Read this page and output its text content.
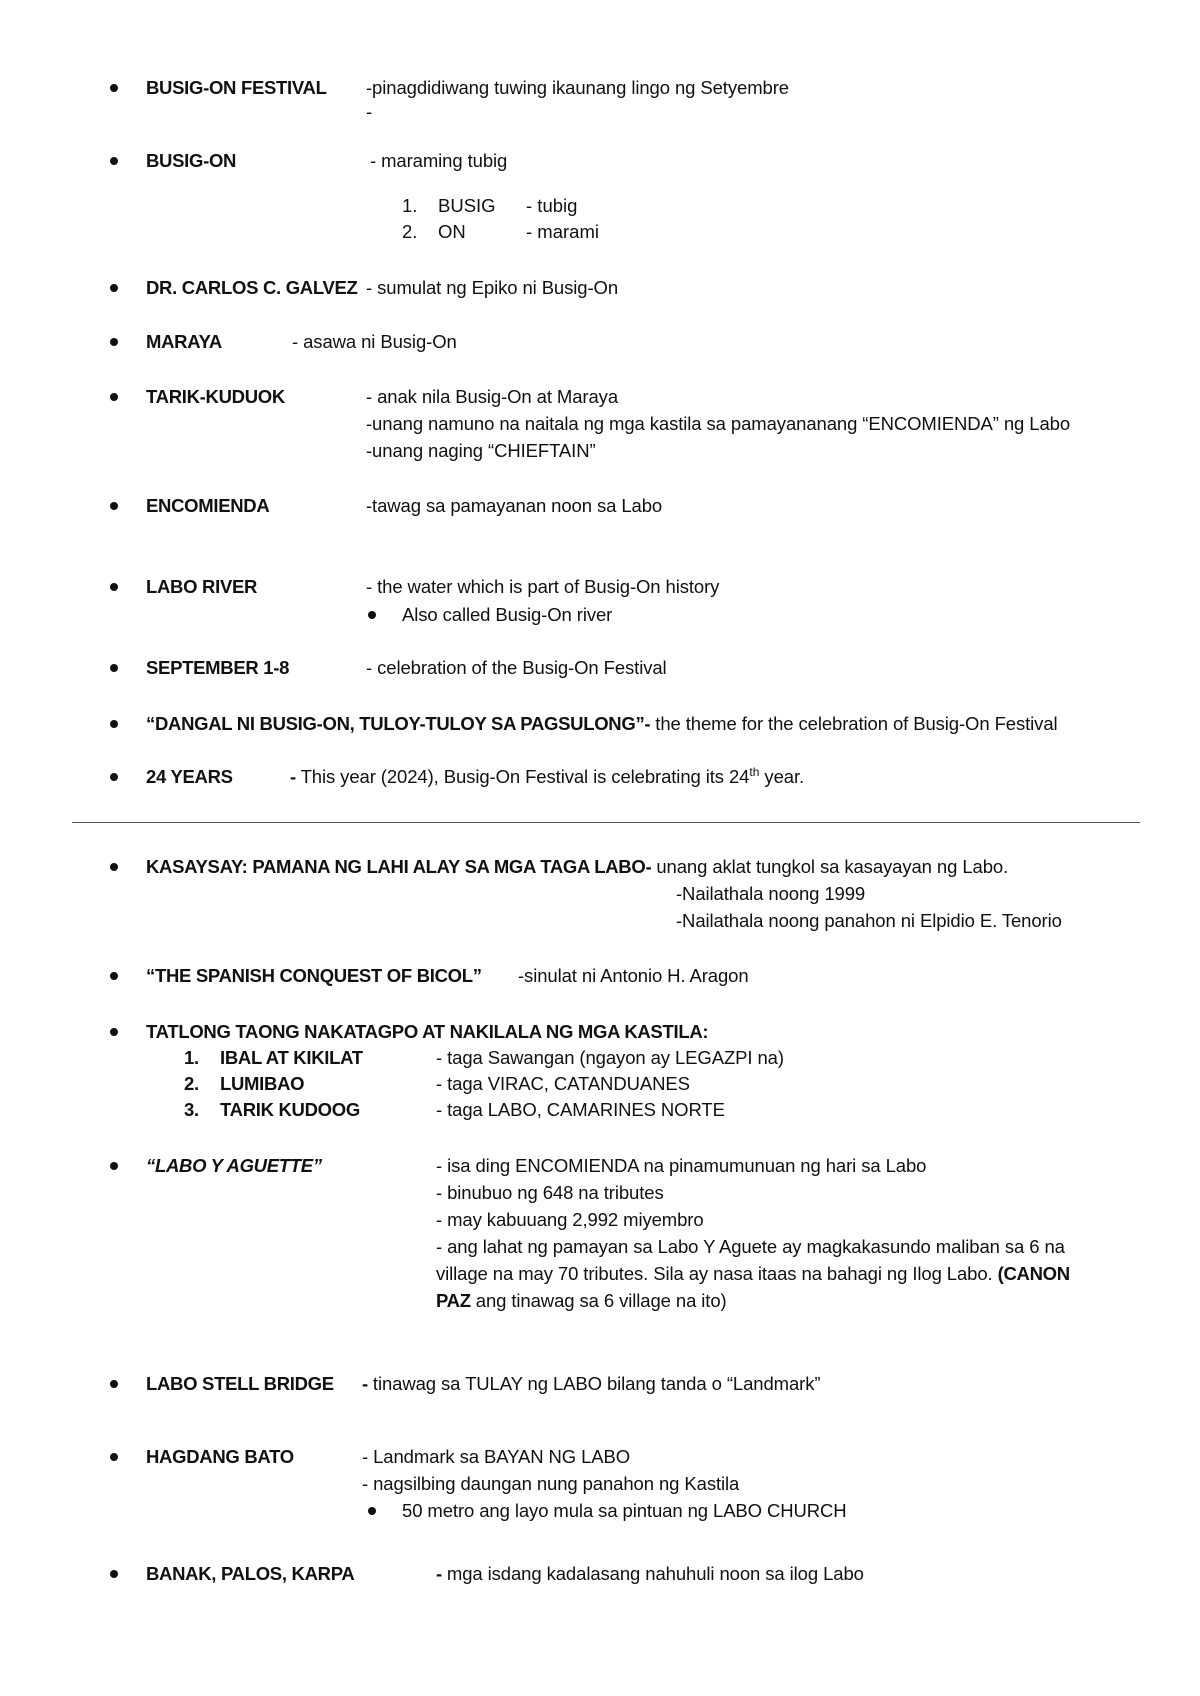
BUSIG-ON FESTIVAL -pinagdidiwang tuwing ikaunang lingo ng Setyembre
-
BUSIG-ON	- maraming tubig
1. BUSIG - tubig
2. ON	- marami
DR. CARLOS C. GALVEZ - sumulat ng Epiko ni Busig-On
MARAYA	- asawa ni Busig-On
TARIK-KUDUOK	- anak nila Busig-On at Maraya
-unang namuno na naitala ng mga kastila sa pamayananang “ENCOMIENDA” ng Labo
-unang naging “CHIEFTAIN”
ENCOMIENDA	-tawag sa pamayanan noon sa Labo
LABO RIVER	- the water which is part of Busig-On history
Also called Busig-On river
SEPTEMBER 1-8	- celebration of the Busig-On Festival
“DANGAL NI BUSIG-ON, TULOY-TULOY SA PAGSULONG”- the theme for the celebration of Busig-On Festival
24 YEARS	- This year (2024), Busig-On Festival is celebrating its 24th year.
KASAYSAY: PAMANA NG LAHI ALAY SA MGA TAGA LABO- unang aklat tungkol sa kasayayan ng Labo.
-Nailathala noong 1999
-Nailathala noong panahon ni Elpidio E. Tenorio
“THE SPANISH CONQUEST OF BICOL” -sinulat ni Antonio H. Aragon
TATLONG TAONG NAKATAGPO AT NAKILALA NG MGA KASTILA:
1. IBAL AT KIKILAT	- taga Sawangan (ngayon ay LEGAZPI na)
2. LUMIBAO	- taga VIRAC, CATANDUANES
3. TARIK KUDOOG	- taga LABO, CAMARINES NORTE
“LABO Y AGUETTE”	- isa ding ENCOMIENDA na pinamumunuan ng hari sa Labo
- binubuo ng 648 na tributes
- may kabuuang 2,992 miyembro
- ang lahat ng pamayan sa Labo Y Aguete ay magkakasundo maliban sa 6 na
village na may 70 tributes. Sila ay nasa itaas na bahagi ng Ilog Labo. (CANON
PAZ ang tinawag sa 6 village na ito)
LABO STELL BRIDGE - tinawag sa TULAY ng LABO bilang tanda o “Landmark”
HAGDANG BATO	- Landmark sa BAYAN NG LABO
- nagsilbing daungan nung panahon ng Kastila
50 metro ang layo mula sa pintuan ng LABO CHURCH
BANAK, PALOS, KARPA	- mga isdang kadalasang nahuhuli noon sa ilog Labo
